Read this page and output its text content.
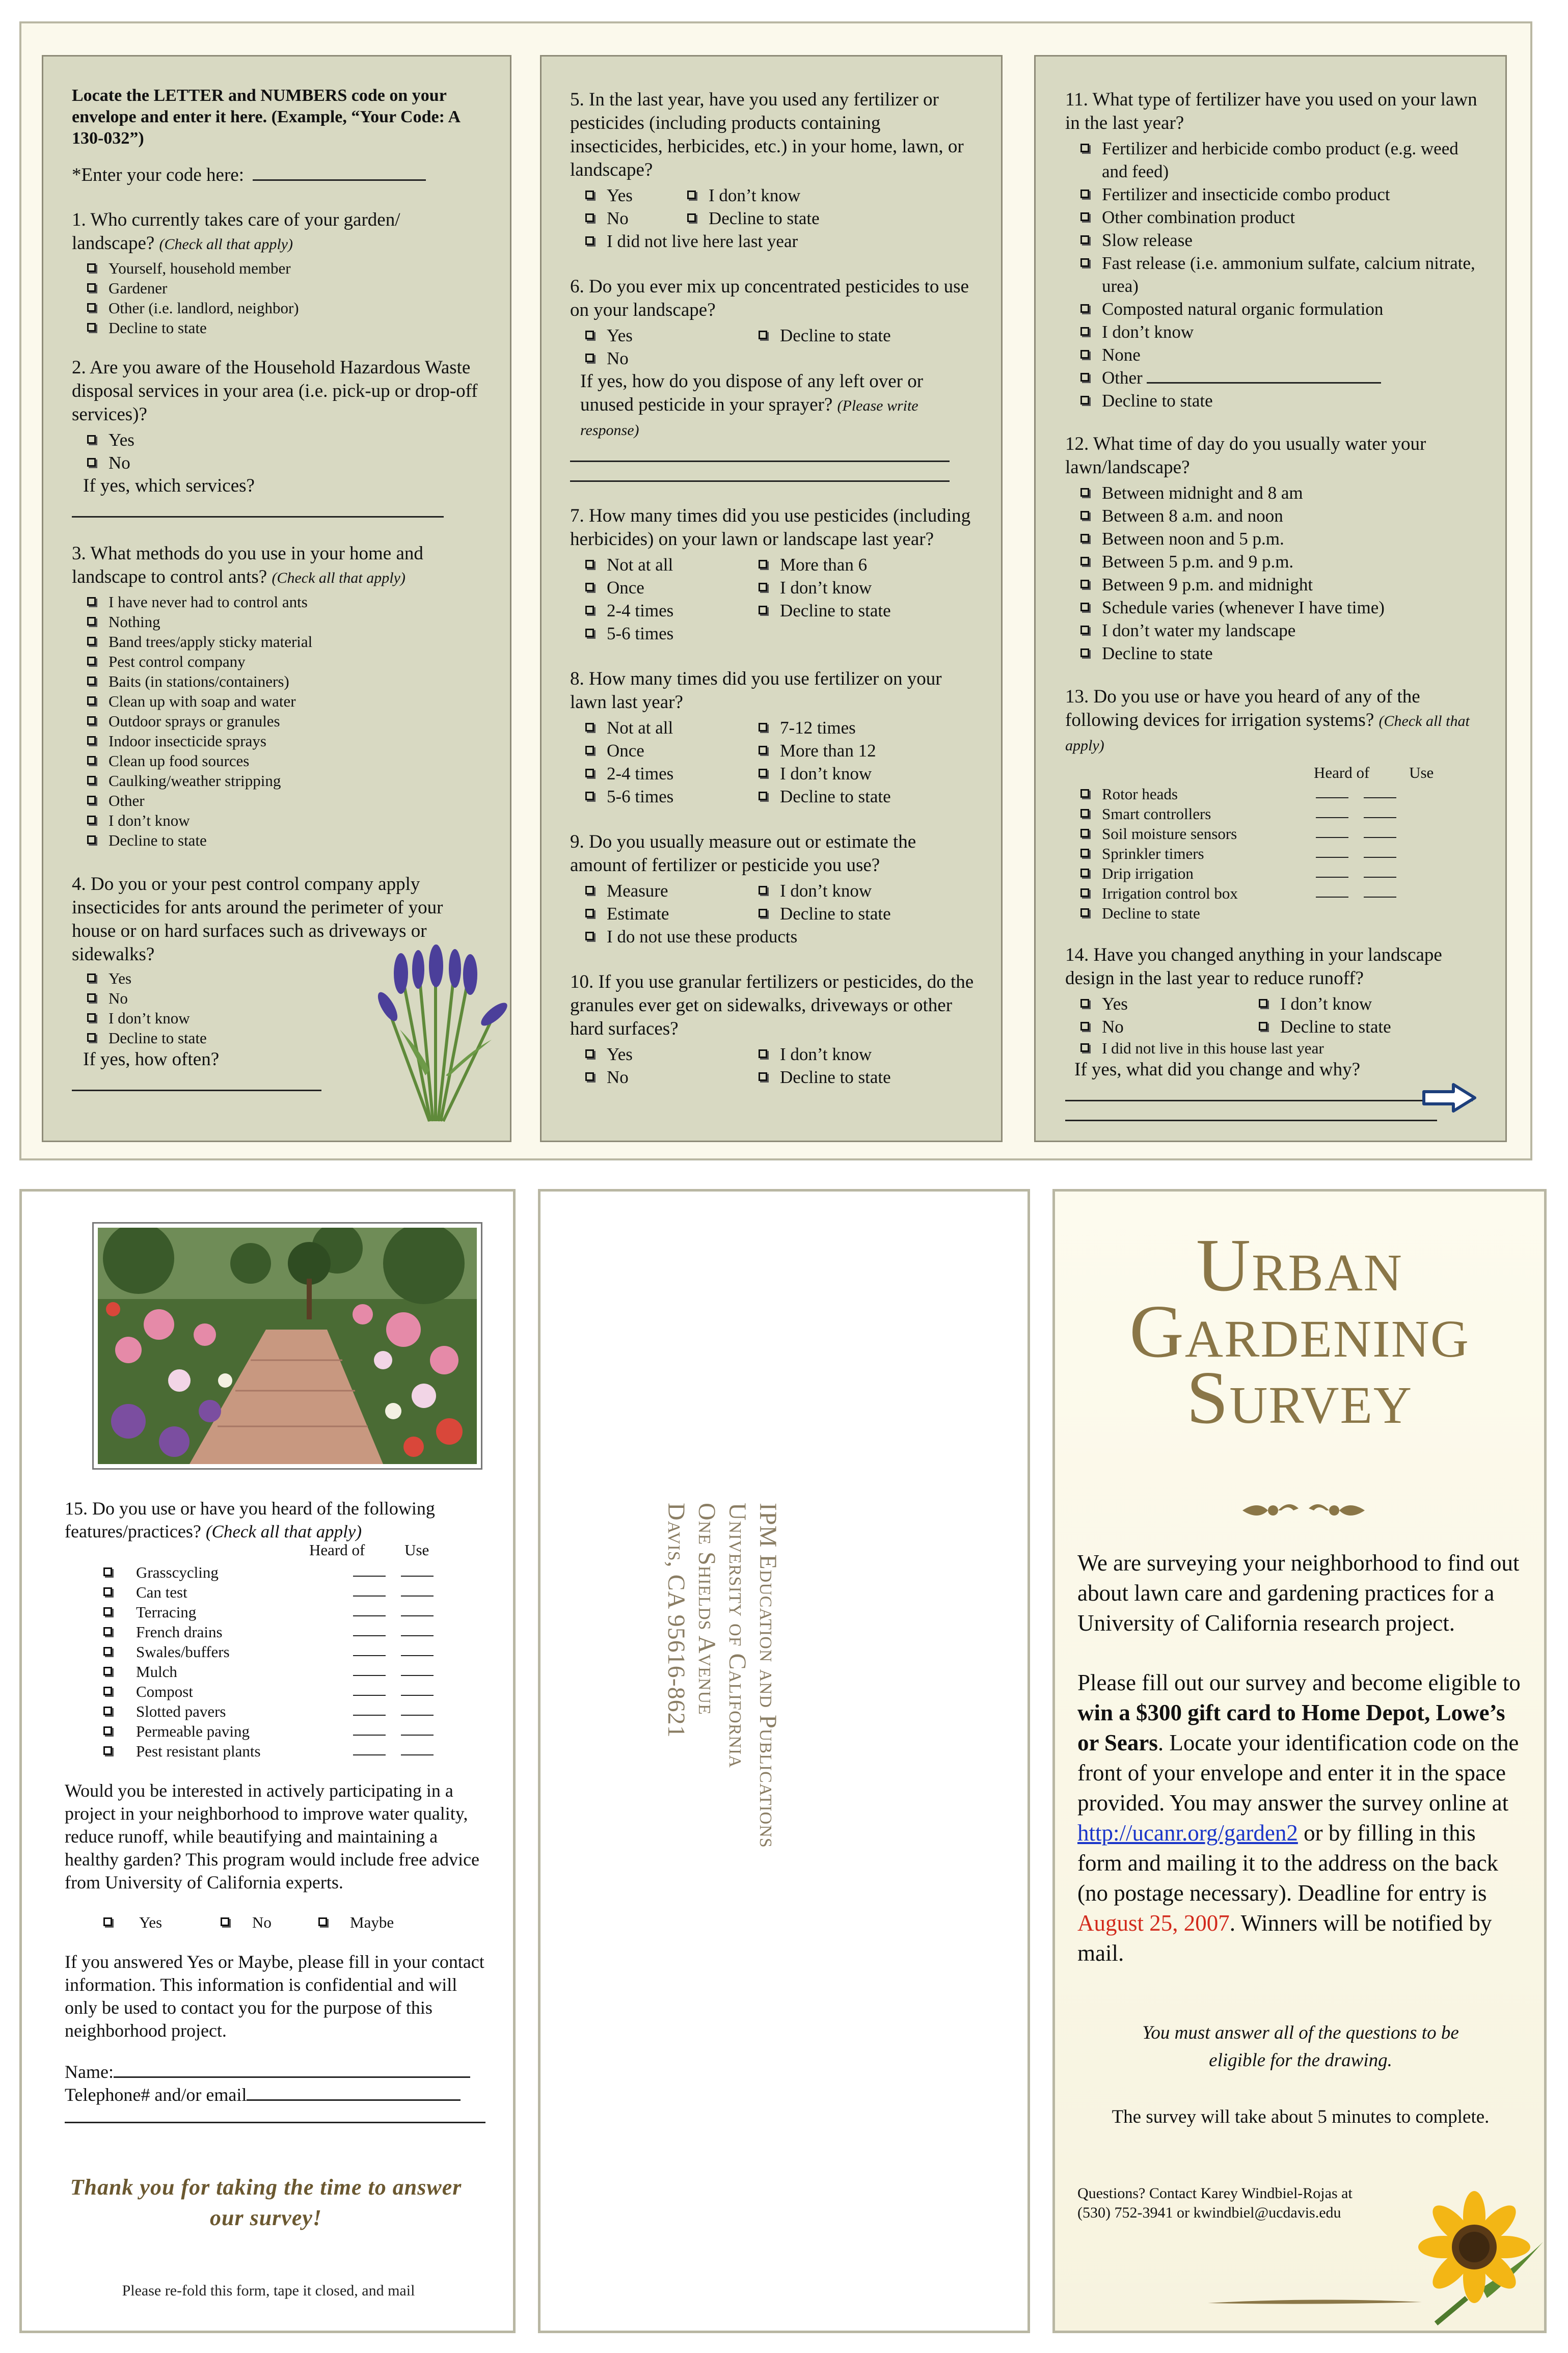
Locate the LETTER and NUMBERS code on your envelope and enter it here. (Example, “Your Code: A 130-032”)

*Enter your code here:

1. Who currently takes care of your garden/ landscape? (Check all that apply)

Yourself, household member
Gardener
Other (i.e. landlord, neighbor)
Decline to state

2. Are you aware of the Household Hazardous Waste disposal services in your area (i.e. pick-up or drop-off services)?

Yes
No

If yes, which services?

3. What methods do you use in your home and landscape to control ants? (Check all that apply)

I have never had to control ants
Nothing
Band trees/apply sticky material
Pest control company
Baits (in stations/containers)
Clean up with soap and water
Outdoor sprays or granules
Indoor insecticide sprays
Clean up food sources
Caulking/weather stripping
Other
I don’t know
Decline to state

4. Do you or your pest control company apply insecticides for ants around the perimeter of your house or on hard surfaces such as driveways or sidewalks?

Yes
No
I don’t know
Decline to state

If yes, how often?

5. In the last year, have you used any fertilizer or pesticides (including products containing insecticides, herbicides, etc.) in your home, lawn, or landscape?

Yes	I don’t know
No	Decline to state
I did not live here last year

6. Do you ever mix up concentrated pesticides to use on your landscape?

Yes	Decline to state
No

If yes, how do you dispose of any left over or unused pesticide in your sprayer? (Please write response)

7. How many times did you use pesticides (including herbicides) on your lawn or landscape last year?

Not at all
Once
2-4 times
5-6 times
More than 6
I don’t know
Decline to state

8. How many times did you use fertilizer on your lawn last year?

Not at all
Once
2-4 times
5-6 times
7-12 times
More than 12
I don’t know
Decline to state

9. Do you usually measure out or estimate the amount of fertilizer or pesticide you use?

Measure	I don’t know
Estimate	Decline to state
I do not use these products

10. If you use granular fertilizers or pesticides, do the granules ever get on sidewalks, driveways or other hard surfaces?

Yes	I don’t know
No	Decline to state

11. What type of fertilizer have you used on your lawn in the last year?

Fertilizer and herbicide combo product (e.g. weed and feed)
Fertilizer and insecticide combo product
Other combination product
Slow release
Fast release (i.e. ammonium sulfate, calcium nitrate, urea)
Composted natural organic formulation
I don’t know
None
Other
Decline to state

12. What time of day do you usually water your lawn/landscape?

Between midnight and 8 am
Between 8 a.m. and noon
Between noon and 5 p.m.
Between 5 p.m. and 9 p.m.
Between 9 p.m. and midnight
Schedule varies (whenever I have time)
I don’t water my landscape
Decline to state

13. Do you use or have you heard of any of the following devices for irrigation systems? (Check all that apply)

Heard of	Use
Rotor heads
Smart controllers
Soil moisture sensors
Sprinkler timers
Drip irrigation
Irrigation control box
Decline to state

14. Have you changed anything in your landscape design in the last year to reduce runoff?

Yes	I don’t know
No	Decline to state
I did not live in this house last year

If yes, what did you change and why?

15. Do you use or have you heard of the following features/practices? (Check all that apply)

Heard of	Use
Grasscycling
Can test
Terracing
French drains
Swales/buffers
Mulch
Compost
Slotted pavers
Permeable paving
Pest resistant plants

Would you be interested in actively participating in a project in your neighborhood to improve water quality, reduce runoff, while beautifying and maintaining a healthy garden? This program would include free advice from University of California experts.

Yes	No	Maybe

If you answered Yes or Maybe, please fill in your contact information. This information is confidential and will only be used to contact you for the purpose of this neighborhood project.

Name:

Telephone# and/or email

Thank you for taking the time to answer our survey!

Please re-fold this form, tape it closed, and mail

IPM Education and Publications
University of California
One Shields Avenue
Davis, CA 95616-8621
Urban
Gardening
Survey

We are surveying your neighborhood to find out about lawn care and gardening practices for a University of California research project.

Please fill out our survey and become eligible to win a $300 gift card to Home Depot, Lowe’s or Sears. Locate your identification code on the front of your envelope and enter it in the space provided. You may answer the survey online at http://ucanr.org/garden2 or by filling in this form and mailing it to the address on the back (no postage necessary). Deadline for entry is August 25, 2007. Winners will be notified by mail.

You must answer all of the questions to be eligible for the drawing.

The survey will take about 5 minutes to complete.

Questions? Contact Karey Windbiel-Rojas at (530) 752-3941 or kwindbiel@ucdavis.edu
